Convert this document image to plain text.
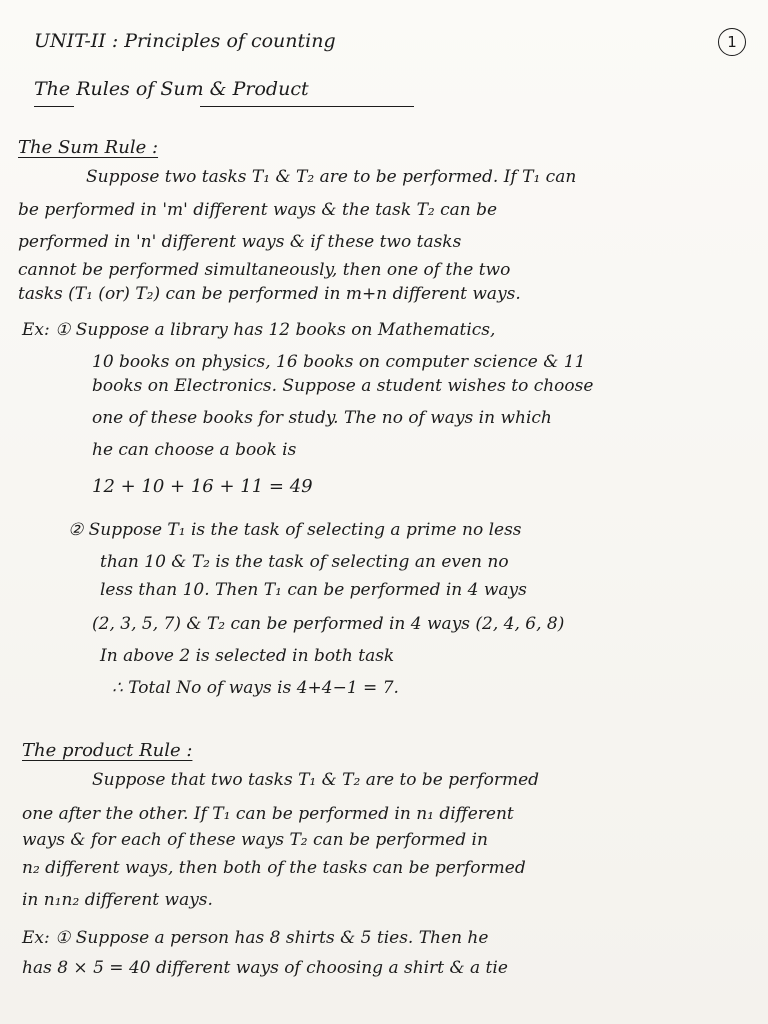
UNIT-II : Principles of counting	1
The Rules of Sum & Product
The Sum Rule :
Suppose two tasks T₁ & T₂ are to be performed. If T₁ can
be performed in 'm' different ways & the task T₂ can be
performed in 'n' different ways & if these two tasks
cannot be performed simultaneously, then one of the two
tasks (T₁ (or) T₂) can be performed in m+n different ways.
Ex: ① Suppose a library has 12 books on Mathematics,
10 books on physics, 16 books on computer science & 11
books on Electronics. Suppose a student wishes to choose
one of these books for study. The no of ways in which
he can choose a book is
12 + 10 + 16 + 11 = 49
② Suppose T₁ is the task of selecting a prime no less
than 10 & T₂ is the task of selecting an even no
less than 10. Then T₁ can be performed in 4 ways
(2, 3, 5, 7) & T₂ can be performed in 4 ways (2, 4, 6, 8)
In above 2 is selected in both task
∴ Total No of ways is 4+4−1 = 7.
The product Rule :
Suppose that two tasks T₁ & T₂ are to be performed
one after the other. If T₁ can be performed in n₁ different
ways & for each of these ways T₂ can be performed in
n₂ different ways, then both of the tasks can be performed
in n₁n₂ different ways.
Ex: ① Suppose a person has 8 shirts & 5 ties. Then he
has 8 × 5 = 40 different ways of choosing a shirt & a tie
